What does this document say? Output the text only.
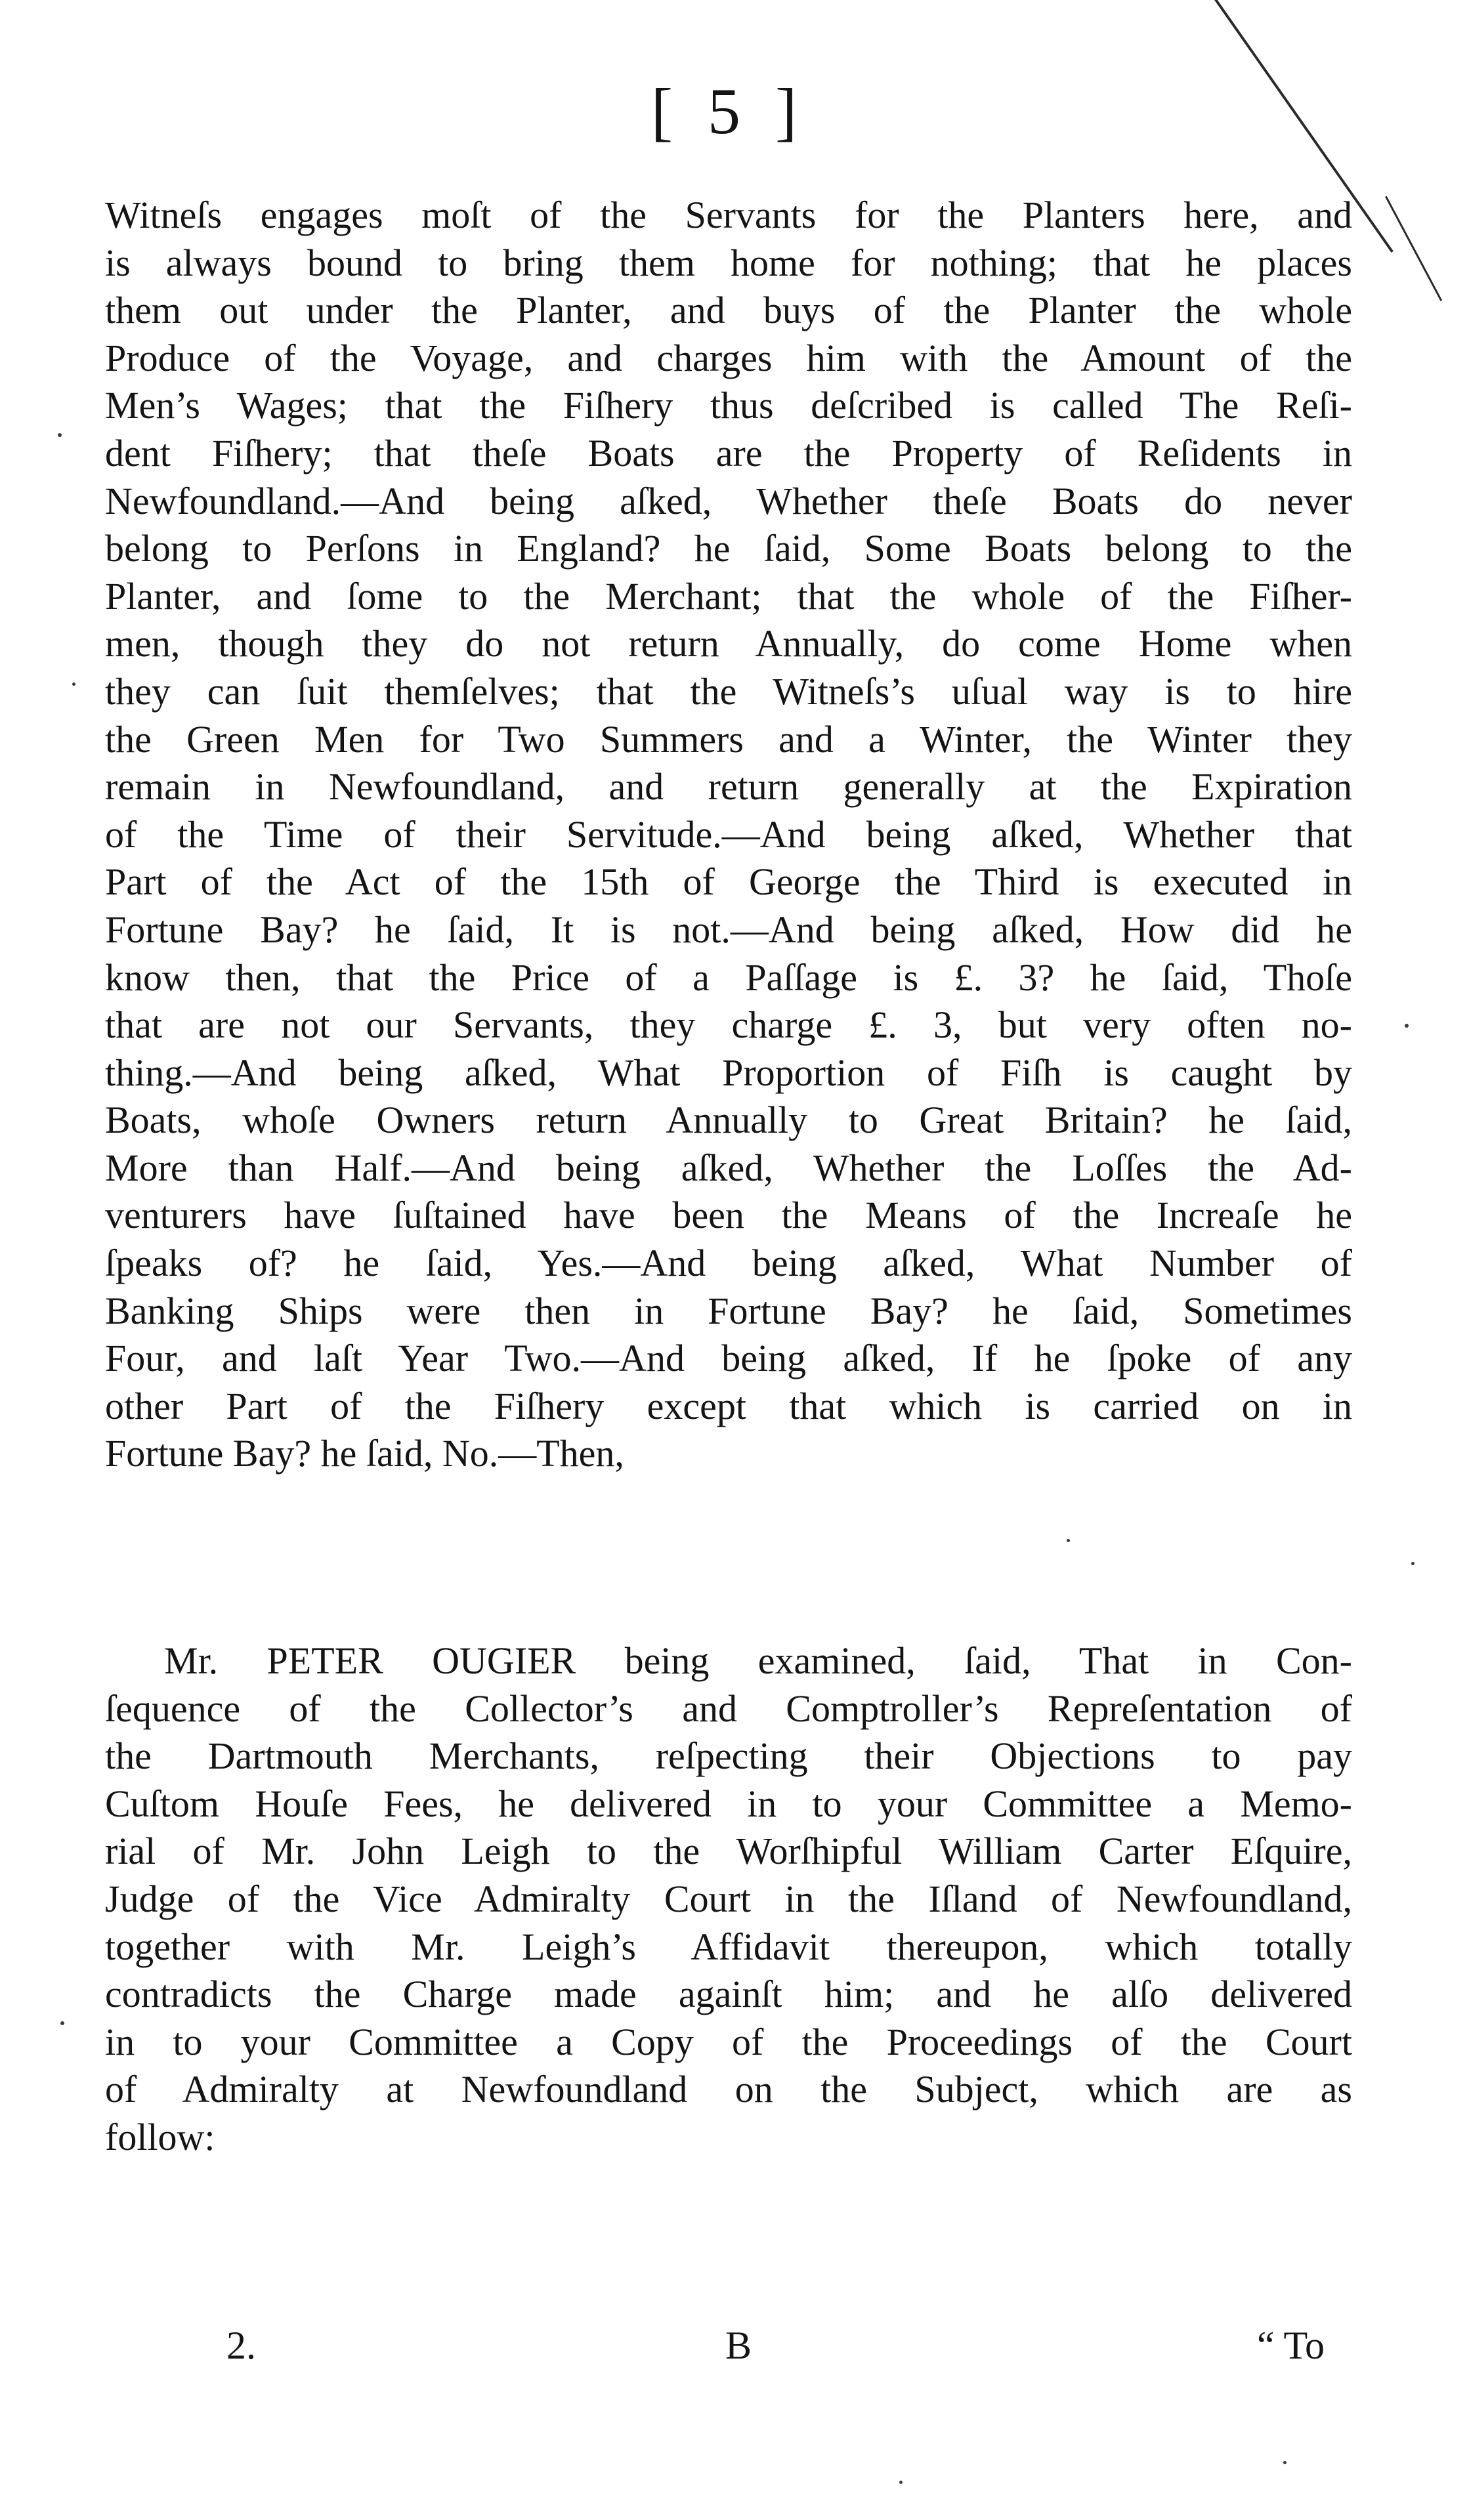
[ 5 ]
Witneſs engages moſt of the Servants for the Planters here, and
is always bound to bring them home for nothing; that he places
them out under the Planter, and buys of the Planter the whole
Produce of the Voyage, and charges him with the Amount of the
Men’s Wages; that the Fiſhery thus deſcribed is called The Reſi-
dent Fiſhery; that theſe Boats are the Property of Reſidents in
Newfoundland.—And being aſked, Whether theſe Boats do never
belong to Perſons in England? he ſaid, Some Boats belong to the
Planter, and ſome to the Merchant; that the whole of the Fiſher-
men, though they do not return Annually, do come Home when
they can ſuit themſelves; that the Witneſs’s uſual way is to hire
the Green Men for Two Summers and a Winter, the Winter they
remain in Newfoundland, and return generally at the Expiration
of the Time of their Servitude.—And being aſked, Whether that
Part of the Act of the 15th of George the Third is executed in
Fortune Bay? he ſaid, It is not.—And being aſked, How did he
know then, that the Price of a Paſſage is £. 3? he ſaid, Thoſe
that are not our Servants, they charge £. 3, but very often no-
thing.—And being aſked, What Proportion of Fiſh is caught by
Boats, whoſe Owners return Annually to Great Britain? he ſaid,
More than Half.—And being aſked, Whether the Loſſes the Ad-
venturers have ſuſtained have been the Means of the Increaſe he
ſpeaks of? he ſaid, Yes.—And being aſked, What Number of
Banking Ships were then in Fortune Bay? he ſaid, Sometimes
Four, and laſt Year Two.—And being aſked, If he ſpoke of any
other Part of the Fiſhery except that which is carried on in
Fortune Bay? he ſaid, No.—Then,
Mr. PETER OUGIER being examined, ſaid, That in Con-
ſequence of the Collector’s and Comptroller’s Repreſentation of
the Dartmouth Merchants, reſpecting their Objections to pay
Cuſtom Houſe Fees, he delivered in to your Committee a Memo-
rial of Mr. John Leigh to the Worſhipful William Carter Eſquire,
Judge of the Vice Admiralty Court in the Iſland of Newfoundland,
together with Mr. Leigh’s Affidavit thereupon, which totally
contradicts the Charge made againſt him; and he alſo delivered
in to your Committee a Copy of the Proceedings of the Court
of Admiralty at Newfoundland on the Subject, which are as
follow:
2.	B	“ To
